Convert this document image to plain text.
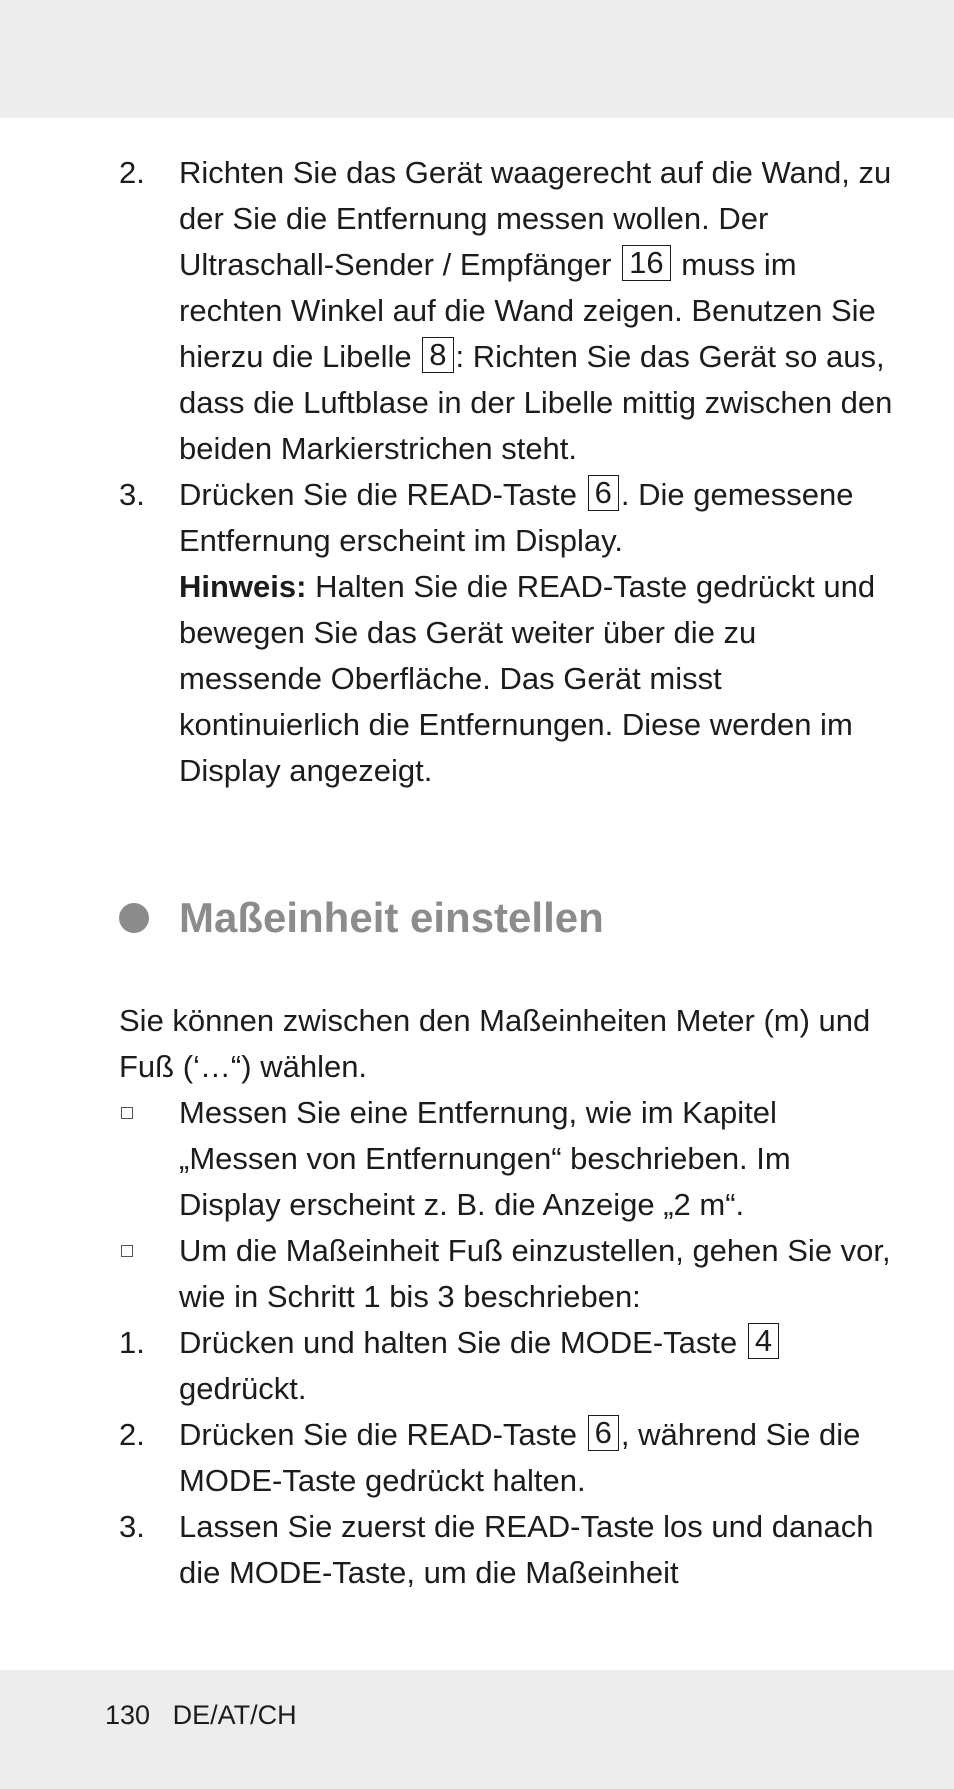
2. Richten Sie das Gerät waagerecht auf die Wand, zu der Sie die Entfernung messen wollen. Der Ultraschall-Sender / Empfänger 16 muss im rechten Winkel auf die Wand zeigen. Benutzen Sie hierzu die Libelle 8 : Richten Sie das Gerät so aus, dass die Luftblase in der Libelle mittig zwischen den beiden Markierstrichen steht.
3. Drücken Sie die READ-Taste 6 . Die gemessene Entfernung erscheint im Display.
Hinweis: Halten Sie die READ-Taste gedrückt und bewegen Sie das Gerät weiter über die zu messende Oberfläche. Das Gerät misst kontinuierlich die Entfernungen. Diese werden im Display angezeigt.
Maßeinheit einstellen
Sie können zwischen den Maßeinheiten Meter (m) und Fuß (‘…“) wählen.
Messen Sie eine Entfernung, wie im Kapitel „Messen von Entfernungen“ beschrieben. Im Display erscheint z. B. die Anzeige „2 m“.
Um die Maßeinheit Fuß einzustellen, gehen Sie vor, wie in Schritt 1 bis 3 beschrieben:
1. Drücken und halten Sie die MODE-Taste 4 gedrückt.
2. Drücken Sie die READ-Taste 6 , während Sie die MODE-Taste gedrückt halten.
3. Lassen Sie zuerst die READ-Taste los und danach die MODE-Taste, um die Maßeinheit
130 DE/AT/CH
